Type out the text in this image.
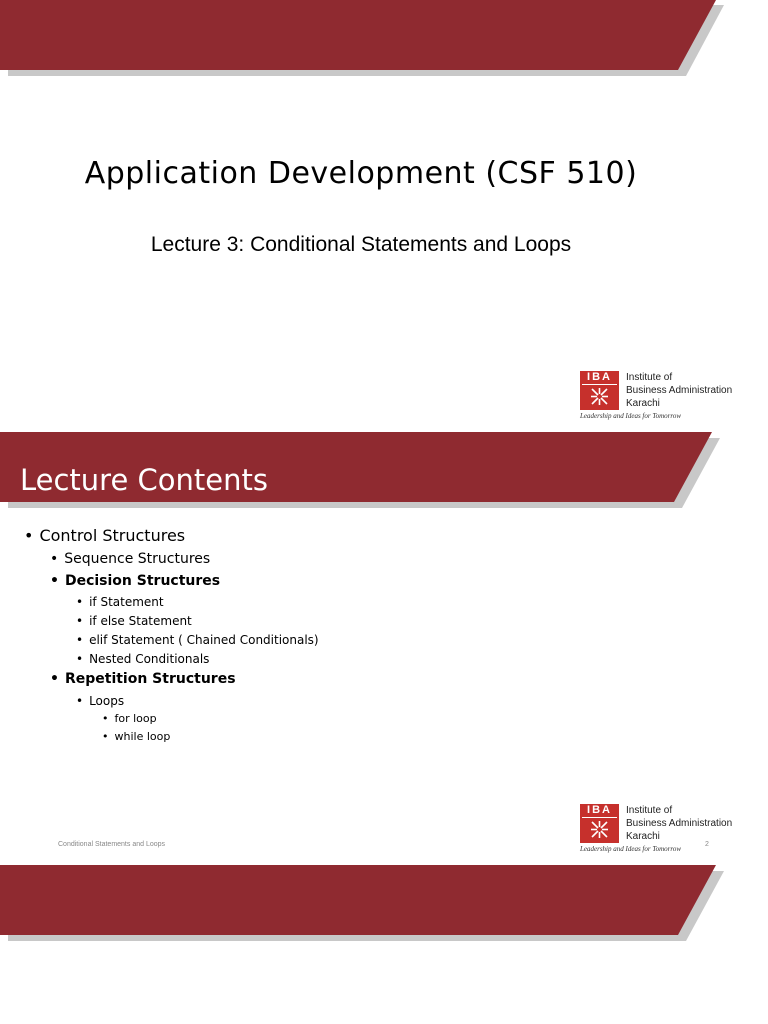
Application Development (CSF 510)
Lecture 3: Conditional Statements and Loops
IBA	Institute of
Business Administration
Karachi
Leadership and Ideas for Tomorrow
Lecture Contents
• Control Structures
• Sequence Structures
• Decision Structures
• if Statement
• if else Statement
• elif Statement ( Chained Conditionals)
• Nested Conditionals
• Repetition Structures
• Loops
• for loop
• while loop
IBA	Institute of
Business Administration
Karachi
Leadership and Ideas for Tomorrow
Conditional Statements and Loops	2
